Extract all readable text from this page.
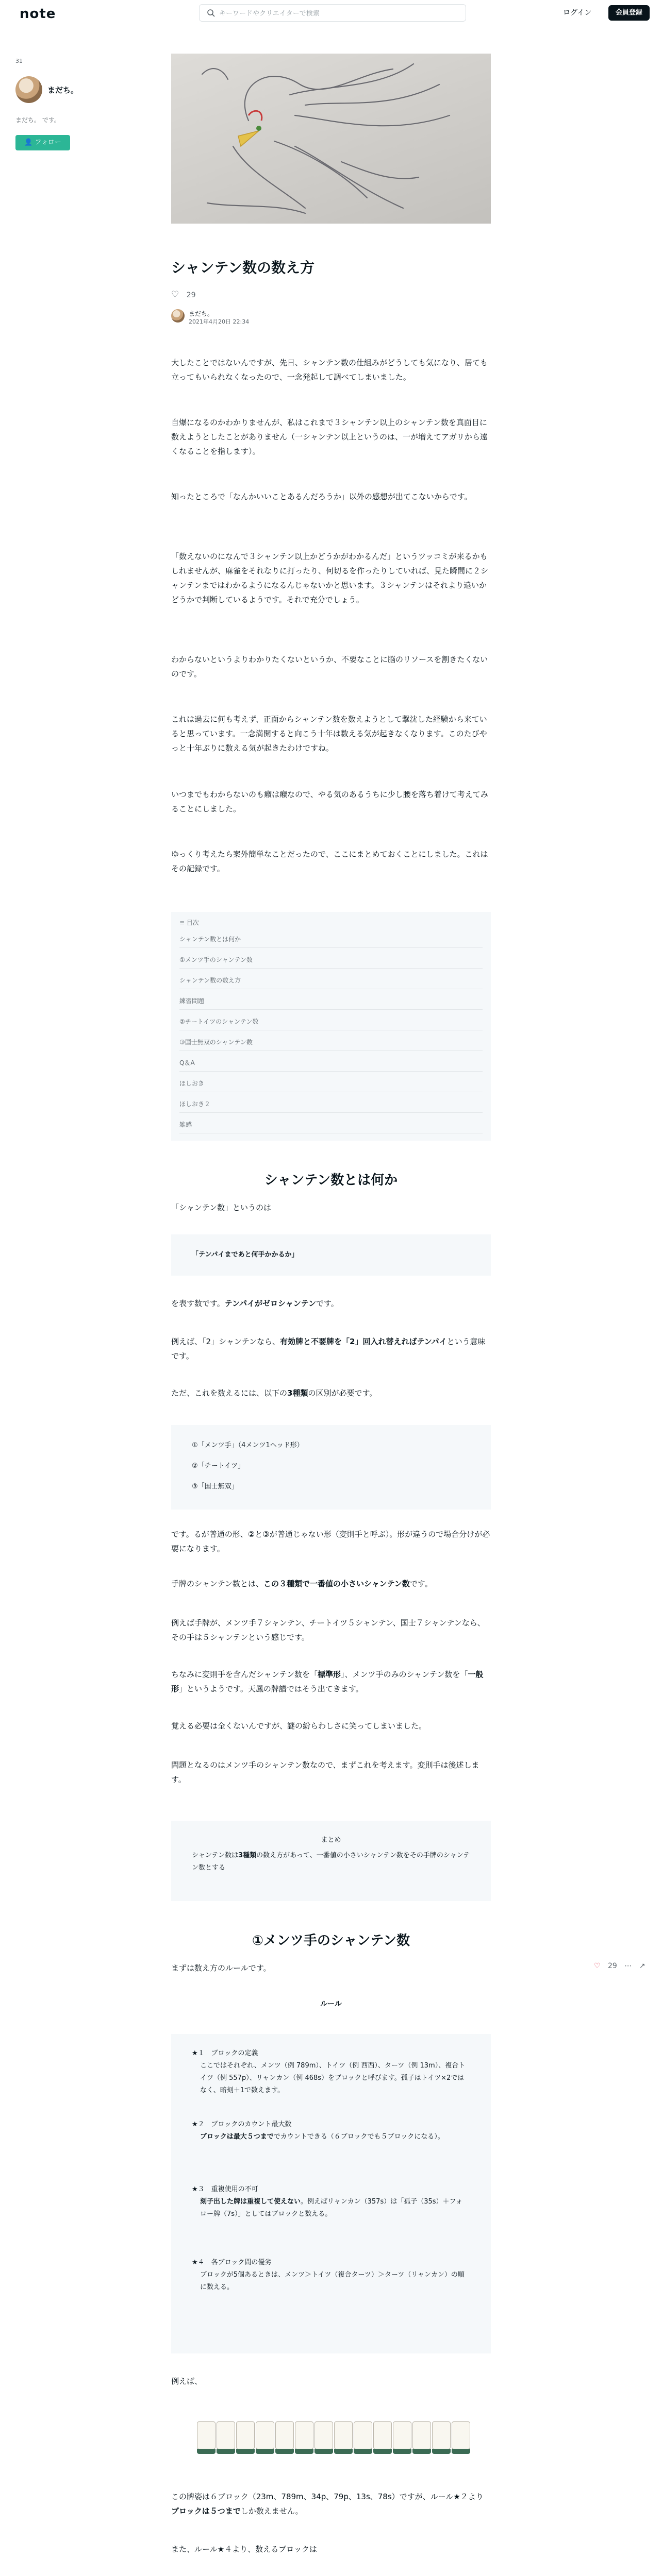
note
キーワードやクリエイターで検索	ログイン	会員登録
31
まだち。
まだち。 です。
👤 フォロー
シャンテン数の数え方
♡ 29
まだち。
2021年4月20日 22:34

大したことではないんですが、先日、シャンテン数の仕組みがどうしても気になり、居ても立ってもいられなくなったので、一念発起して調べてしまいました。

自爆になるのかわかりませんが、私はこれまで３シャンテン以上のシャンテン数を真面目に数えようとしたことがありません（一シャンテン以上というのは、一が増えてアガリから遠くなることを指します）。

知ったところで「なんかいいことあるんだろうか」以外の感想が出てこないからです。

「数えないのになんで３シャンテン以上かどうかがわかるんだ」というツッコミが来るかもしれませんが、麻雀をそれなりに打ったり、何切るを作ったりしていれば、見た瞬間に２シャンテンまではわかるようになるんじゃないかと思います。３シャンテンはそれより遠いかどうかで判断しているようです。それで充分でしょう。

わからないというよりわかりたくないというか、不要なことに脳のリソースを割きたくないのです。

これは過去に何も考えず、正面からシャンテン数を数えようとして撃沈した経験から来ていると思っています。一念満開すると向こう十年は数える気が起きなくなります。このたびやっと十年ぶりに数える気が起きたわけですね。

いつまでもわからないのも癪は癪なので、やる気のあるうちに少し腰を落ち着けて考えてみることにしました。

ゆっくり考えたら案外簡単なことだったので、ここにまとめておくことにしました。これはその記録です。

≡ 目次
シャンテン数とは何か
①メンツ手のシャンテン数
シャンテン数の数え方
練習問題
②チートイツのシャンテン数
③国士無双のシャンテン数
Q＆A
ほしおき
ほしおき２
雑感
シャンテン数とは何か

「シャンテン数」というのは

「テンパイまであと何手かかるか」

を表す数です。テンパイがゼロシャンテンです。

例えば、「2」シャンテンなら、有効牌と不要牌を「2」回入れ替えればテンパイという意味です。

ただ、これを数えるには、以下の3種類の区別が必要です。

①「メンツ手」（4メンツ1ヘッド形）
②「チートイツ」
③「国士無双」

です。るが普通の形、②と③が普通じゃない形（変則手と呼ぶ）。形が違うので場合分けが必要になります。

手牌のシャンテン数とは、この３種類で一番値の小さいシャンテン数です。

例えば手牌が、メンツ手７シャンテン、チートイツ５シャンテン、国士７シャンテンなら、その手は５シャンテンという感じです。

ちなみに変則手を含んだシャンテン数を「標準形」、メンツ手のみのシャンテン数を「一般形」というようです。天鳳の牌譜ではそう出てきます。

覚える必要は全くないんですが、謎の紛らわしさに笑ってしまいました。

問題となるのはメンツ手のシャンテン数なので、まずこれを考えます。変則手は後述します。

まとめ
シャンテン数は3種類の数え方があって、一番値の小さいシャンテン数をその手牌のシャンテン数とする
①メンツ手のシャンテン数

まずは数え方のルールです。

ルール
★１　ブロックの定義
ここではそれぞれ、メンツ（例 789m）、トイツ（例 西西）、ターツ（例 13m）、複合トイツ（例 557p）、リャンカン（例 468s）をブロックと呼びます。孤子はトイツ×2ではなく、暗刻＋1で数えます。
★２　ブロックのカウント最大数
ブロックは最大５つまででカウントできる（６ブロックでも５ブロックになる）。
★３　重複使用の不可
刻子出した牌は重複して使えない。例えばリャンカン（357s）は「孤子（35s）＋フォロー牌（7s）」としてはブロックと数える。
★４　各ブロック間の優劣
ブロックが5個あるときは、メンツ＞トイツ（複合ターツ）＞ターツ（リャンカン）の順に数える。

例えば、

この牌姿は６ブロック（23m、789m、34p、79p、13s、78s）ですが、ルール★２よりブロックは５つまでしか数えません。

また、ルール★４より、数えるブロックは

♡ 29 ⋯ ↗
